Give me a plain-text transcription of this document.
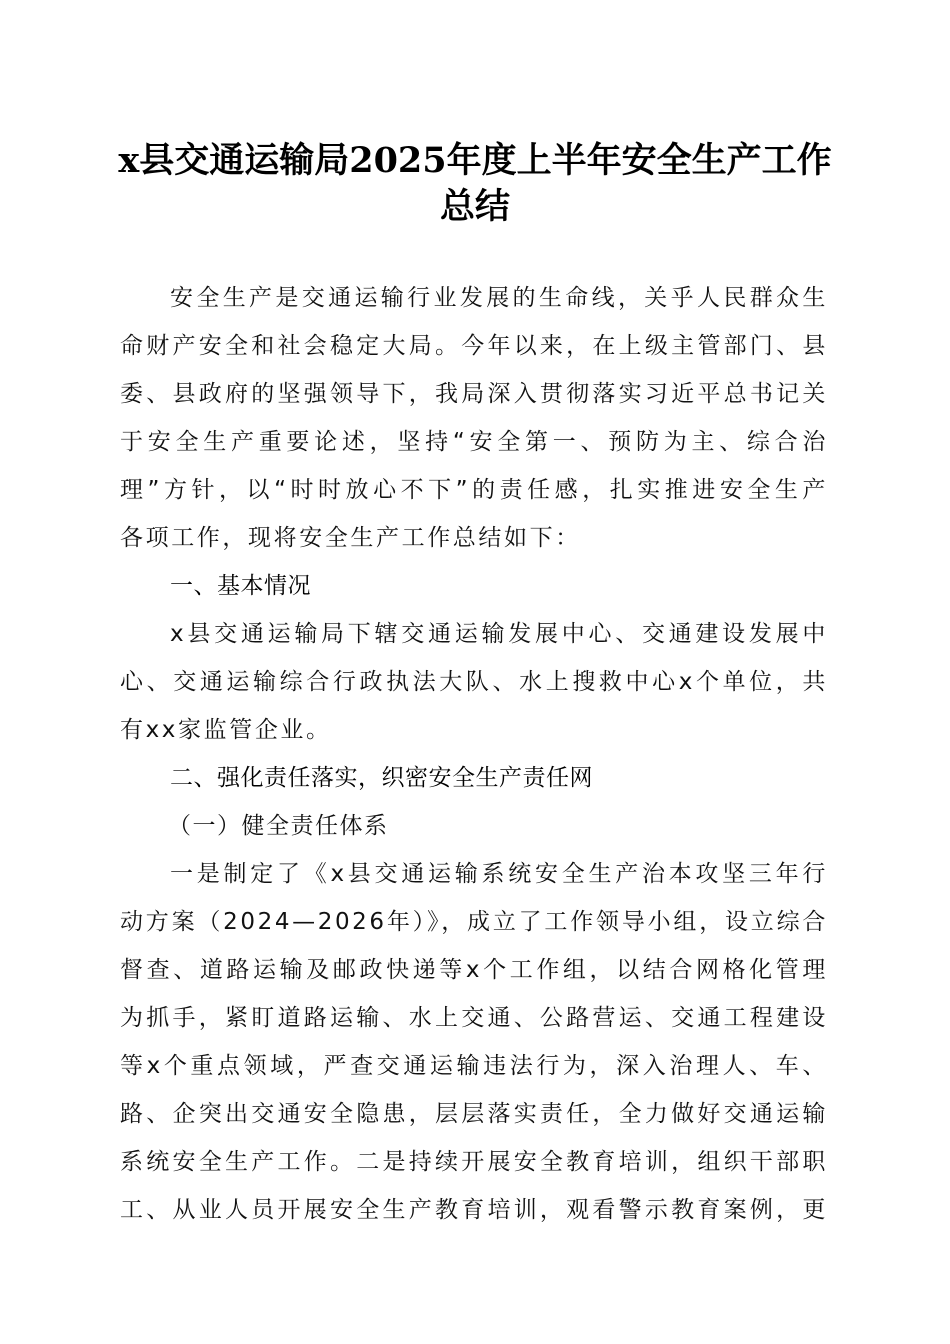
x县交通运输局2025年度上半年安全生产工作
总结
安全生产是交通运输行业发展的生命线，关乎人民群众生
命财产安全和社会稳定大局。今年以来，在上级主管部门、县
委、县政府的坚强领导下，我局深入贯彻落实习近平总书记关
于安全生产重要论述，坚持“安全第一、预防为主、综合治
理”方针，以“时时放心不下”的责任感，扎实推进安全生产
各项工作，现将安全生产工作总结如下：
一、基本情况
x县交通运输局下辖交通运输发展中心、交通建设发展中
心、交通运输综合行政执法大队、水上搜救中心x个单位，共
有xx家监管企业。
二、强化责任落实，织密安全生产责任网
（一）健全责任体系
一是制定了《x县交通运输系统安全生产治本攻坚三年行
动方案（2024—2026年）》，成立了工作领导小组，设立综合
督查、道路运输及邮政快递等x个工作组，以结合网格化管理
为抓手，紧盯道路运输、水上交通、公路营运、交通工程建设
等x个重点领域，严查交通运输违法行为，深入治理人、车、
路、企突出交通安全隐患，层层落实责任，全力做好交通运输
系统安全生产工作。二是持续开展安全教育培训，组织干部职
工、从业人员开展安全生产教育培训，观看警示教育案例，更
